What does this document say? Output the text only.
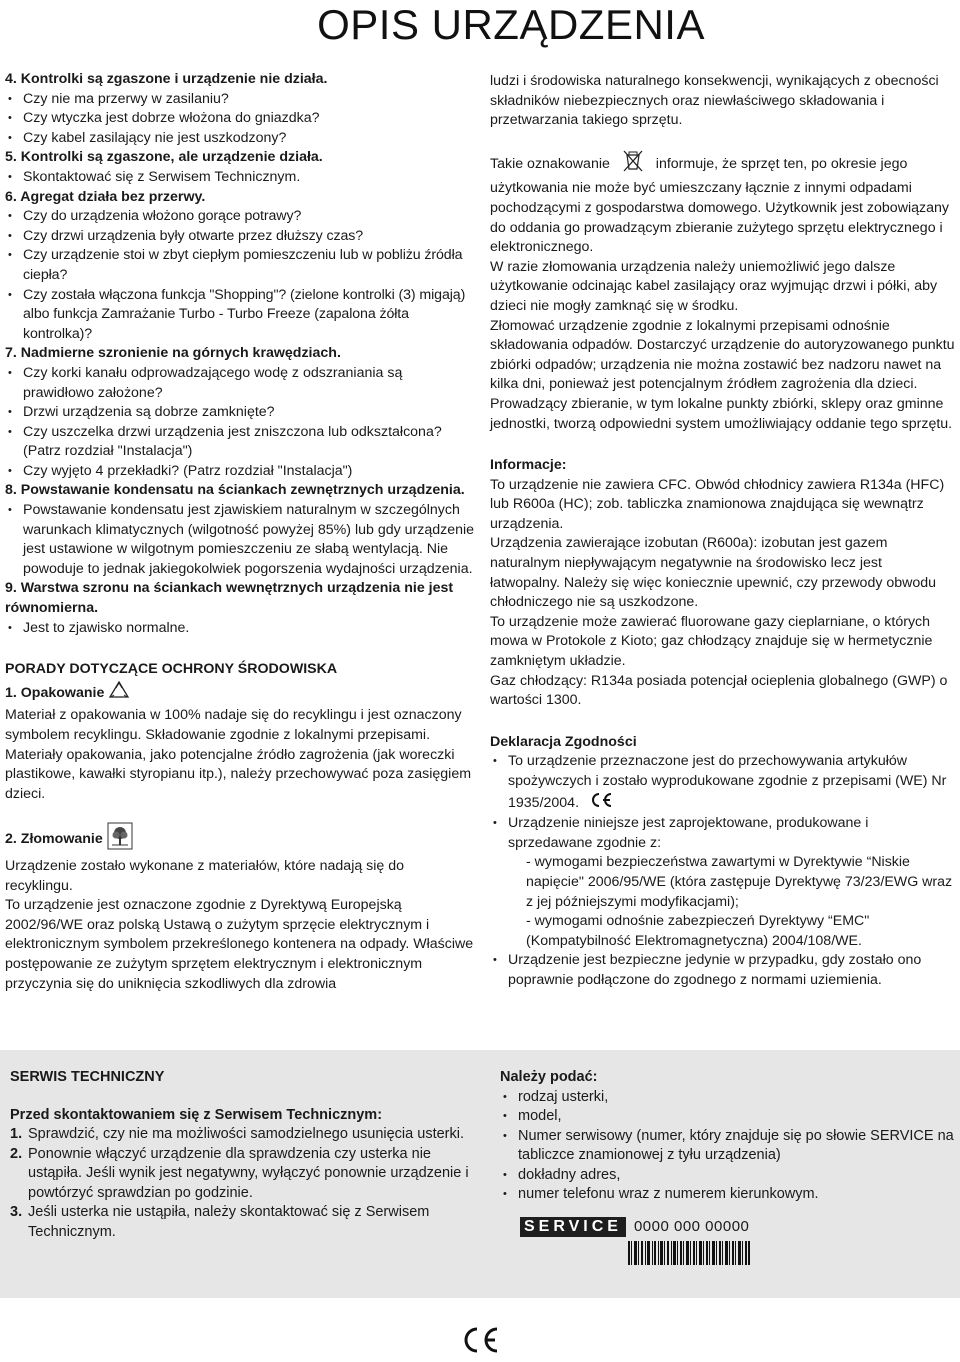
OPIS URZĄDZENIA

4. Kontrolki są zgaszone i urządzenie nie działa.

• Czy nie ma przerwy w zasilaniu?

• Czy wtyczka jest dobrze włożona do gniazdka?

• Czy kabel zasilający nie jest uszkodzony?

5. Kontrolki są zgaszone, ale urządzenie działa.

• Skontaktować się z Serwisem Technicznym.

6. Agregat działa bez przerwy.

• Czy do urządzenia włożono gorące potrawy?

• Czy drzwi urządzenia były otwarte przez dłuższy czas?

• Czy urządzenie stoi w zbyt ciepłym pomieszczeniu lub w pobliżu źródła ciepła?

• Czy została włączona funkcja "Shopping"? (zielone kontrolki (3) migają) albo funkcja Zamrażanie Turbo - Turbo Freeze (zapalona żółta kontrolka)?

7. Nadmierne szronienie na górnych krawędziach.

• Czy korki kanału odprowadzającego wodę z odszraniania są prawidłowo założone?

• Drzwi urządzenia są dobrze zamknięte?

• Czy uszczelka drzwi urządzenia jest zniszczona lub odkształcona? (Patrz rozdział "Instalacja")

• Czy wyjęto 4 przekładki? (Patrz rozdział "Instalacja")

8. Powstawanie kondensatu na ściankach zewnętrznych urządzenia.

• Powstawanie kondensatu jest zjawiskiem naturalnym w szczególnych warunkach klimatycznych (wilgotność powyżej 85%) lub gdy urządzenie jest ustawione w wilgotnym pomieszczeniu ze słabą wentylacją. Nie powoduje to jednak jakiegokolwiek pogorszenia wydajności urządzenia.

9. Warstwa szronu na ściankach wewnętrznych urządzenia nie jest równomierna.

• Jest to zjawisko normalne.

PORADY DOTYCZĄCE OCHRONY ŚRODOWISKA

1. Opakowanie

Materiał z opakowania w 100% nadaje się do recyklingu i jest oznaczony symbolem recyklingu. Składowanie zgodnie z lokalnymi przepisami. Materiały opakowania, jako potencjalne źródło zagrożenia (jak woreczki plastikowe, kawałki styropianu itp.), należy przechowywać poza zasięgiem dzieci.

2. Złomowanie

Urządzenie zostało wykonane z materiałów, które nadają się do recyklingu.
To urządzenie jest oznaczone zgodnie z Dyrektywą Europejską 2002/96/WE oraz polską Ustawą o zużytym sprzęcie elektrycznym i elektronicznym symbolem przekreślonego kontenera na odpady. Właściwe postępowanie ze zużytym sprzętem elektrycznym i elektronicznym przyczynia się do uniknięcia szkodliwych dla zdrowia

ludzi i środowiska naturalnego konsekwencji, wynikających z obecności składników niebezpiecznych oraz niewłaściwego składowania i przetwarzania takiego sprzętu.

Takie oznakowanie	informuje, że sprzęt ten, po okresie jego użytkowania nie może być umieszczany łącznie z innymi odpadami pochodzącymi z gospodarstwa domowego. Użytkownik jest zobowiązany do oddania go prowadzącym zbieranie zużytego sprzętu elektrycznego i elektronicznego.

W razie złomowania urządzenia należy uniemożliwić jego dalsze użytkowanie odcinając kabel zasilający oraz wyjmując drzwi i półki, aby dzieci nie mogły zamknąć się w środku.

Złomować urządzenie zgodnie z lokalnymi przepisami odnośnie składowania odpadów. Dostarczyć urządzenie do autoryzowanego punktu zbiórki odpadów; urządzenia nie można zostawić bez nadzoru nawet na kilka dni, ponieważ jest potencjalnym źródłem zagrożenia dla dzieci. Prowadzący zbieranie, w tym lokalne punkty zbiórki, sklepy oraz gminne jednostki, tworzą odpowiedni system umożliwiający oddanie tego sprzętu.

Informacje:

To urządzenie nie zawiera CFC. Obwód chłodnicy zawiera R134a (HFC) lub R600a (HC); zob. tabliczka znamionowa znajdująca się wewnątrz urządzenia.

Urządzenia zawierające izobutan (R600a): izobutan jest gazem naturalnym niepływającym negatywnie na środowisko lecz jest łatwopalny. Należy się więc koniecznie upewnić, czy przewody obwodu chłodniczego nie są uszkodzone.

To urządzenie może zawierać fluorowane gazy cieplarniane, o których mowa w Protokole z Kioto; gaz chłodzący znajduje się w hermetycznie zamkniętym układzie.

Gaz chłodzący: R134a posiada potencjał ocieplenia globalnego (GWP) o wartości 1300.

Deklaracja Zgodności

• To urządzenie przeznaczone jest do przechowywania artykułów spożywczych i zostało wyprodukowane zgodnie z przepisami (WE) Nr 1935/2004.

• Urządzenie niniejsze jest zaprojektowane, produkowane i sprzedawane zgodnie z:

- wymogami bezpieczeństwa zawartymi w Dyrektywie “Niskie napięcie" 2006/95/WE (która zastępuje Dyrektywę 73/23/EWG wraz z jej późniejszymi modyfikacjami);

- wymogami odnośnie zabezpieczeń Dyrektywy “EMC" (Kompatybilność Elektromagnetyczna) 2004/108/WE.

• Urządzenie jest bezpieczne jedynie w przypadku, gdy zostało ono poprawnie podłączone do zgodnego z normami uziemienia.

SERWIS TECHNICZNY

Przed skontaktowaniem się z Serwisem Technicznym:

1. Sprawdzić, czy nie ma możliwości samodzielnego usunięcia usterki.

2. Ponownie włączyć urządzenie dla sprawdzenia czy usterka nie ustąpiła. Jeśli wynik jest negatywny, wyłączyć ponownie urządzenie i powtórzyć sprawdzian po godzinie.

3. Jeśli usterka nie ustąpiła, należy skontaktować się z Serwisem Technicznym.

Należy podać:

• rodzaj usterki,

• model,

• Numer serwisowy (numer, który znajduje się po słowie SERVICE na tabliczce znamionowej z tyłu urządzenia)

• dokładny adres,

• numer telefonu wraz z numerem kierunkowym.

SERVICE 0000 000 00000
